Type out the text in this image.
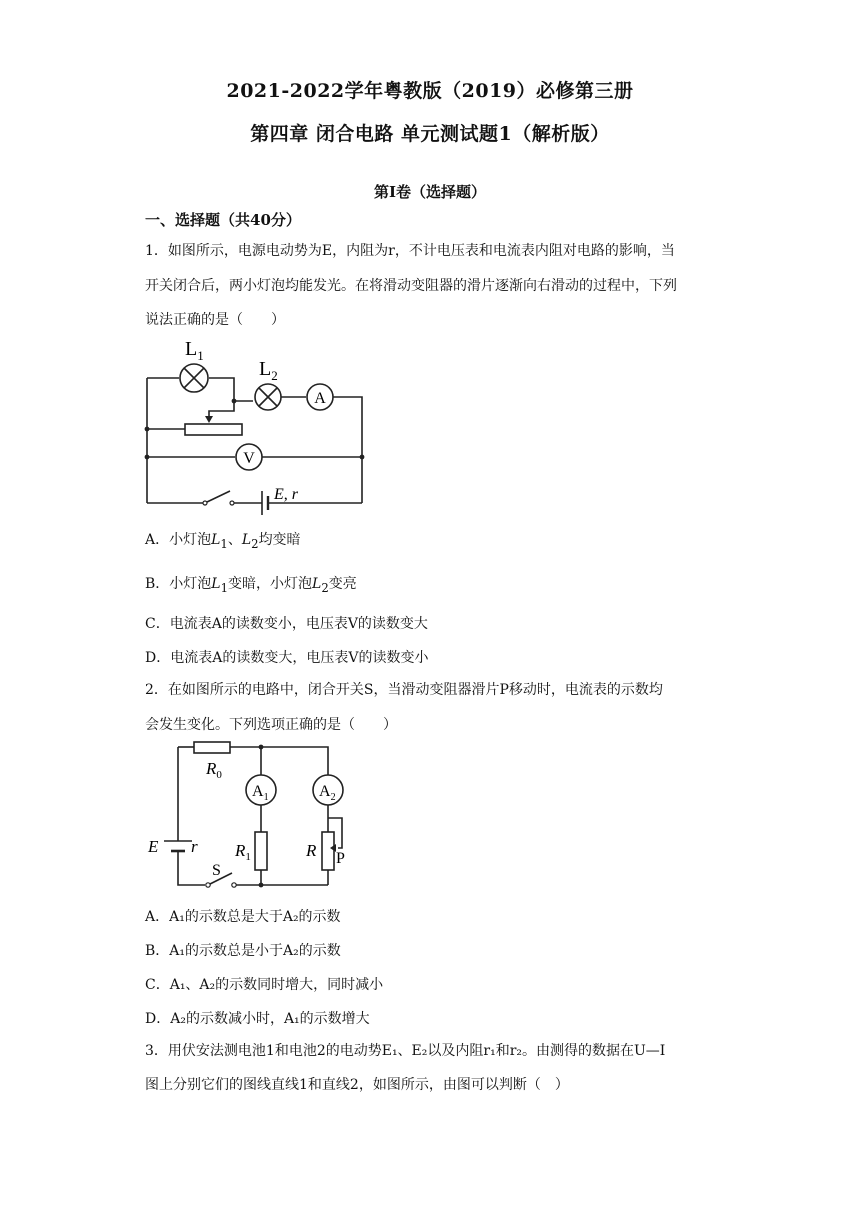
2021-2022学年粤教版（2019）必修第三册
第四章 闭合电路 单元测试题1（解析版）
第I卷（选择题）
一、选择题（共40分）
1．如图所示，电源电动势为E，内阻为r，不计电压表和电流表内阻对电路的影响，当
开关闭合后，两小灯泡均能发光。在将滑动变阻器的滑片逐渐向右滑动的过程中，下列
说法正确的是（　　）
$L_1$
$L_2$
A
V
E, r
A．小灯泡$L_1$、$L_2$均变暗
B．小灯泡$L_1$变暗，小灯泡$L_2$变亮
C．电流表A的读数变小，电压表V的读数变大
D．电流表A的读数变大，电压表V的读数变小
2．在如图所示的电路中，闭合开关S，当滑动变阻器滑片P移动时，电流表的示数均
会发生变化。下列选项正确的是（　　）
$R_0$
$A_1$	$A_2$
E r $R_1$	R P
S
A．A₁的示数总是大于A₂的示数
B．A₁的示数总是小于A₂的示数
C．A₁、A₂的示数同时增大，同时减小
D．A₂的示数减小时，A₁的示数增大
3．用伏安法测电池1和电池2的电动势E₁、E₂以及内阻r₁和r₂。由测得的数据在U—I
图上分别它们的图线直线1和直线2，如图所示，由图可以判断（　）
